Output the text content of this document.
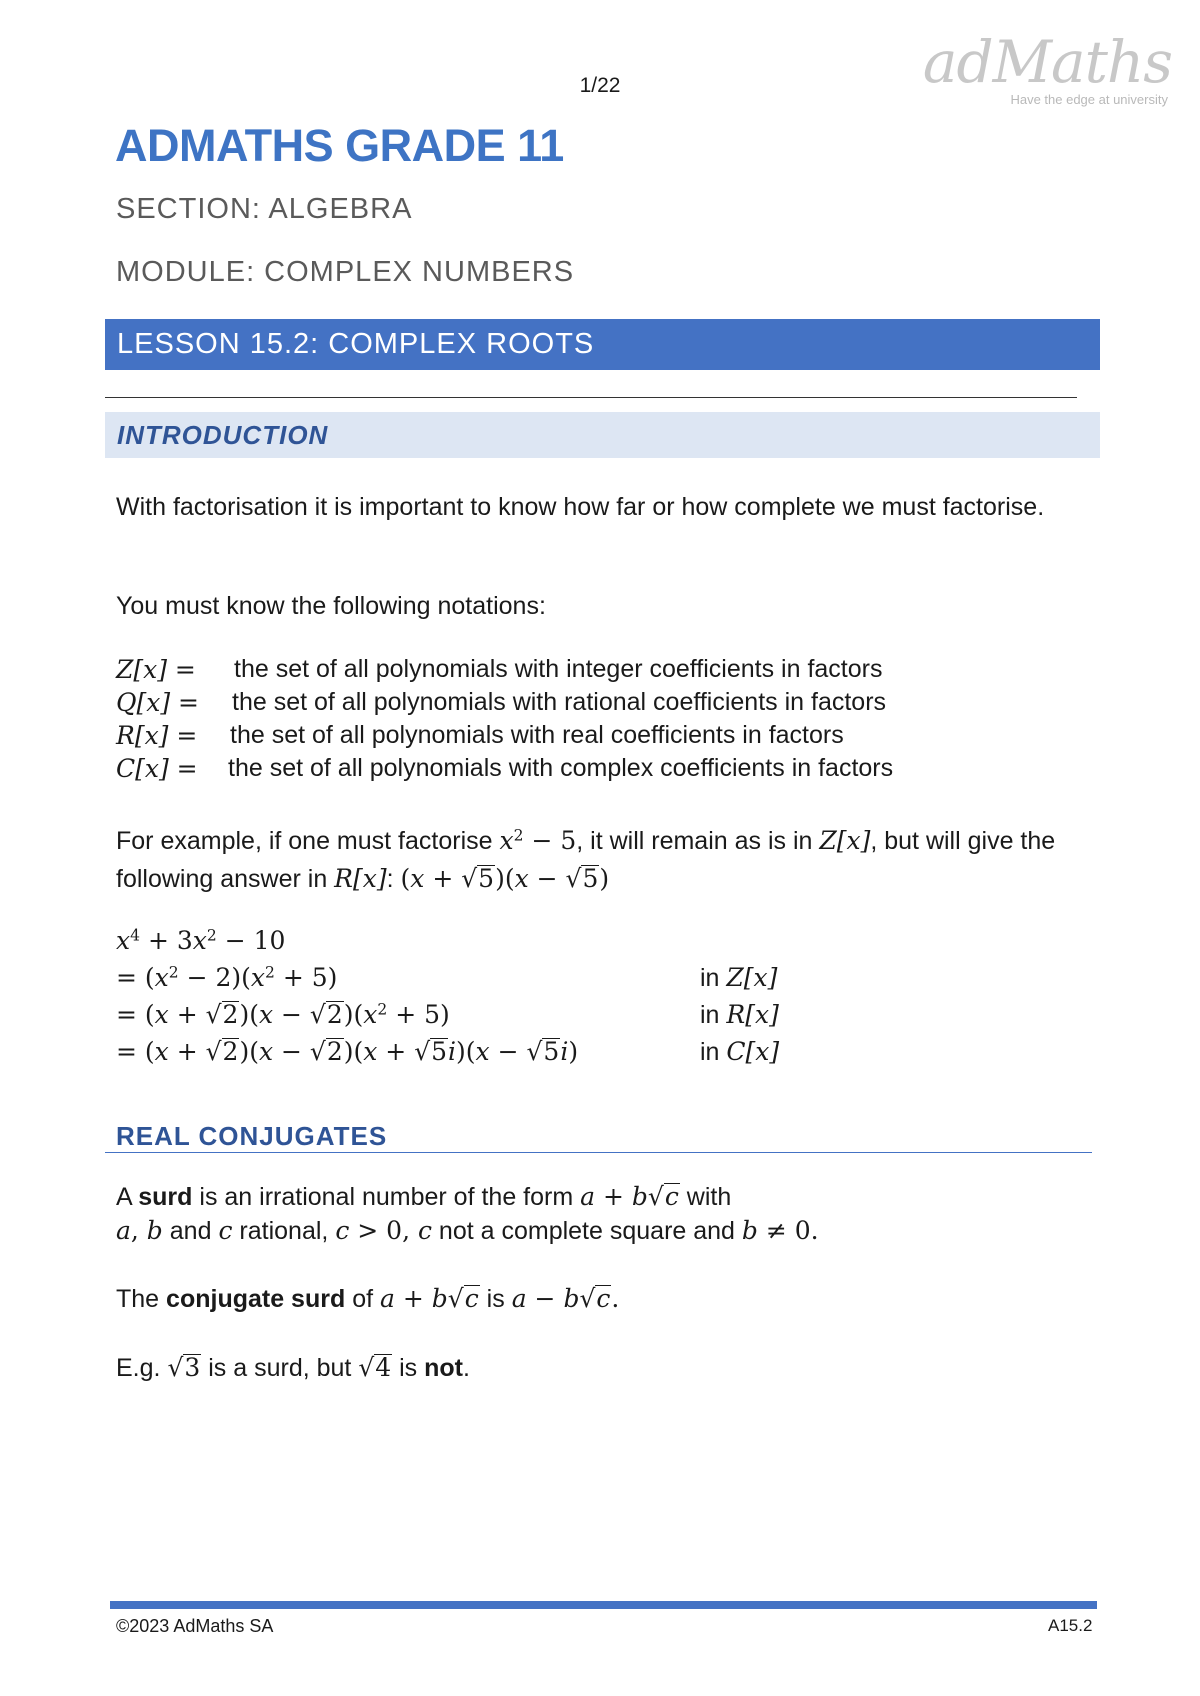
1/22	adMaths
Have the edge at university
ADMATHS GRADE 11
SECTION: ALGEBRA
MODULE: COMPLEX NUMBERS
LESSON 15.2: COMPLEX ROOTS
INTRODUCTION
With factorisation it is important to know how far or how complete we must factorise.
You must know the following notations:
Z[x] = the set of all polynomials with integer coefficients in factors
Q[x] = the set of all polynomials with rational coefficients in factors
R[x] = the set of all polynomials with real coefficients in factors
C[x] = the set of all polynomials with complex coefficients in factors
For example, if one must factorise $x^2 - 5$, it will remain as is in Z[x], but will give the following answer in R[x]: (x + √5)(x − √5)
$x^4 + 3x^2 - 10$
= $(x^2 - 2)(x^2 + 5)$	in Z[x]
= $(x + √2)(x - √2)(x^2 + 5)$	in R[x]
= (x + √2)(x − √2)(x + √5i)(x − √5i)	in C[x]
REAL CONJUGATES
A surd is an irrational number of the form a + b√c with
a, b and c rational, c > 0, c not a complete square and b ≠ 0.
The conjugate surd of a + b√c is a − b√c.
E.g. √3 is a surd, but √4 is not.
©2023 AdMaths SA	A15.2
